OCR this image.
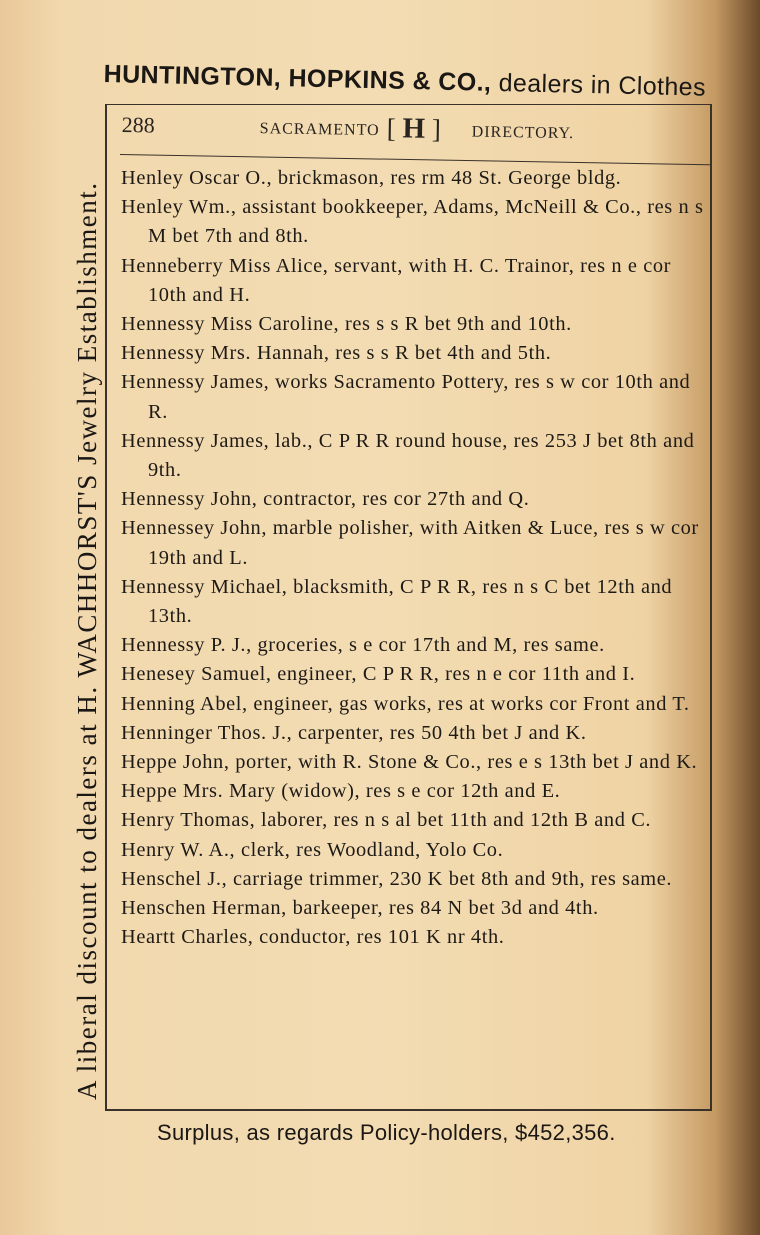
A liberal discount to dealers at H. WACHHORST'S Jewelry Establishment.
HUNTINGTON, HOPKINS & CO., dealers in Clothes
288	SACRAMENTO [ H ] DIRECTORY.
Henley Oscar O., brickmason, res rm 48 St. George bldg.
Henley Wm., assistant bookkeeper, Adams, McNeill & Co., res n s M bet 7th and 8th.
Henneberry Miss Alice, servant, with H. C. Trainor, res n e cor 10th and H.
Hennessy Miss Caroline, res s s R bet 9th and 10th.
Hennessy Mrs. Hannah, res s s R bet 4th and 5th.
Hennessy James, works Sacramento Pottery, res s w cor 10th and R.
Hennessy James, lab., C P R R round house, res 253 J bet 8th and 9th.
Hennessy John, contractor, res cor 27th and Q.
Hennessey John, marble polisher, with Aitken & Luce, res s w cor 19th and L.
Hennessy Michael, blacksmith, C P R R, res n s C bet 12th and 13th.
Hennessy P. J., groceries, s e cor 17th and M, res same.
Henesey Samuel, engineer, C P R R, res n e cor 11th and I.
Henning Abel, engineer, gas works, res at works cor Front and T.
Henninger Thos. J., carpenter, res 50 4th bet J and K.
Heppe John, porter, with R. Stone & Co., res e s 13th bet J and K.
Heppe Mrs. Mary (widow), res s e cor 12th and E.
Henry Thomas, laborer, res n s al bet 11th and 12th B and C.
Henry W. A., clerk, res Woodland, Yolo Co.
Henschel J., carriage trimmer, 230 K bet 8th and 9th, res same.
Henschen Herman, barkeeper, res 84 N bet 3d and 4th.
Heartt Charles, conductor, res 101 K nr 4th.
Surplus, as regards Policy-holders, $452,356.
